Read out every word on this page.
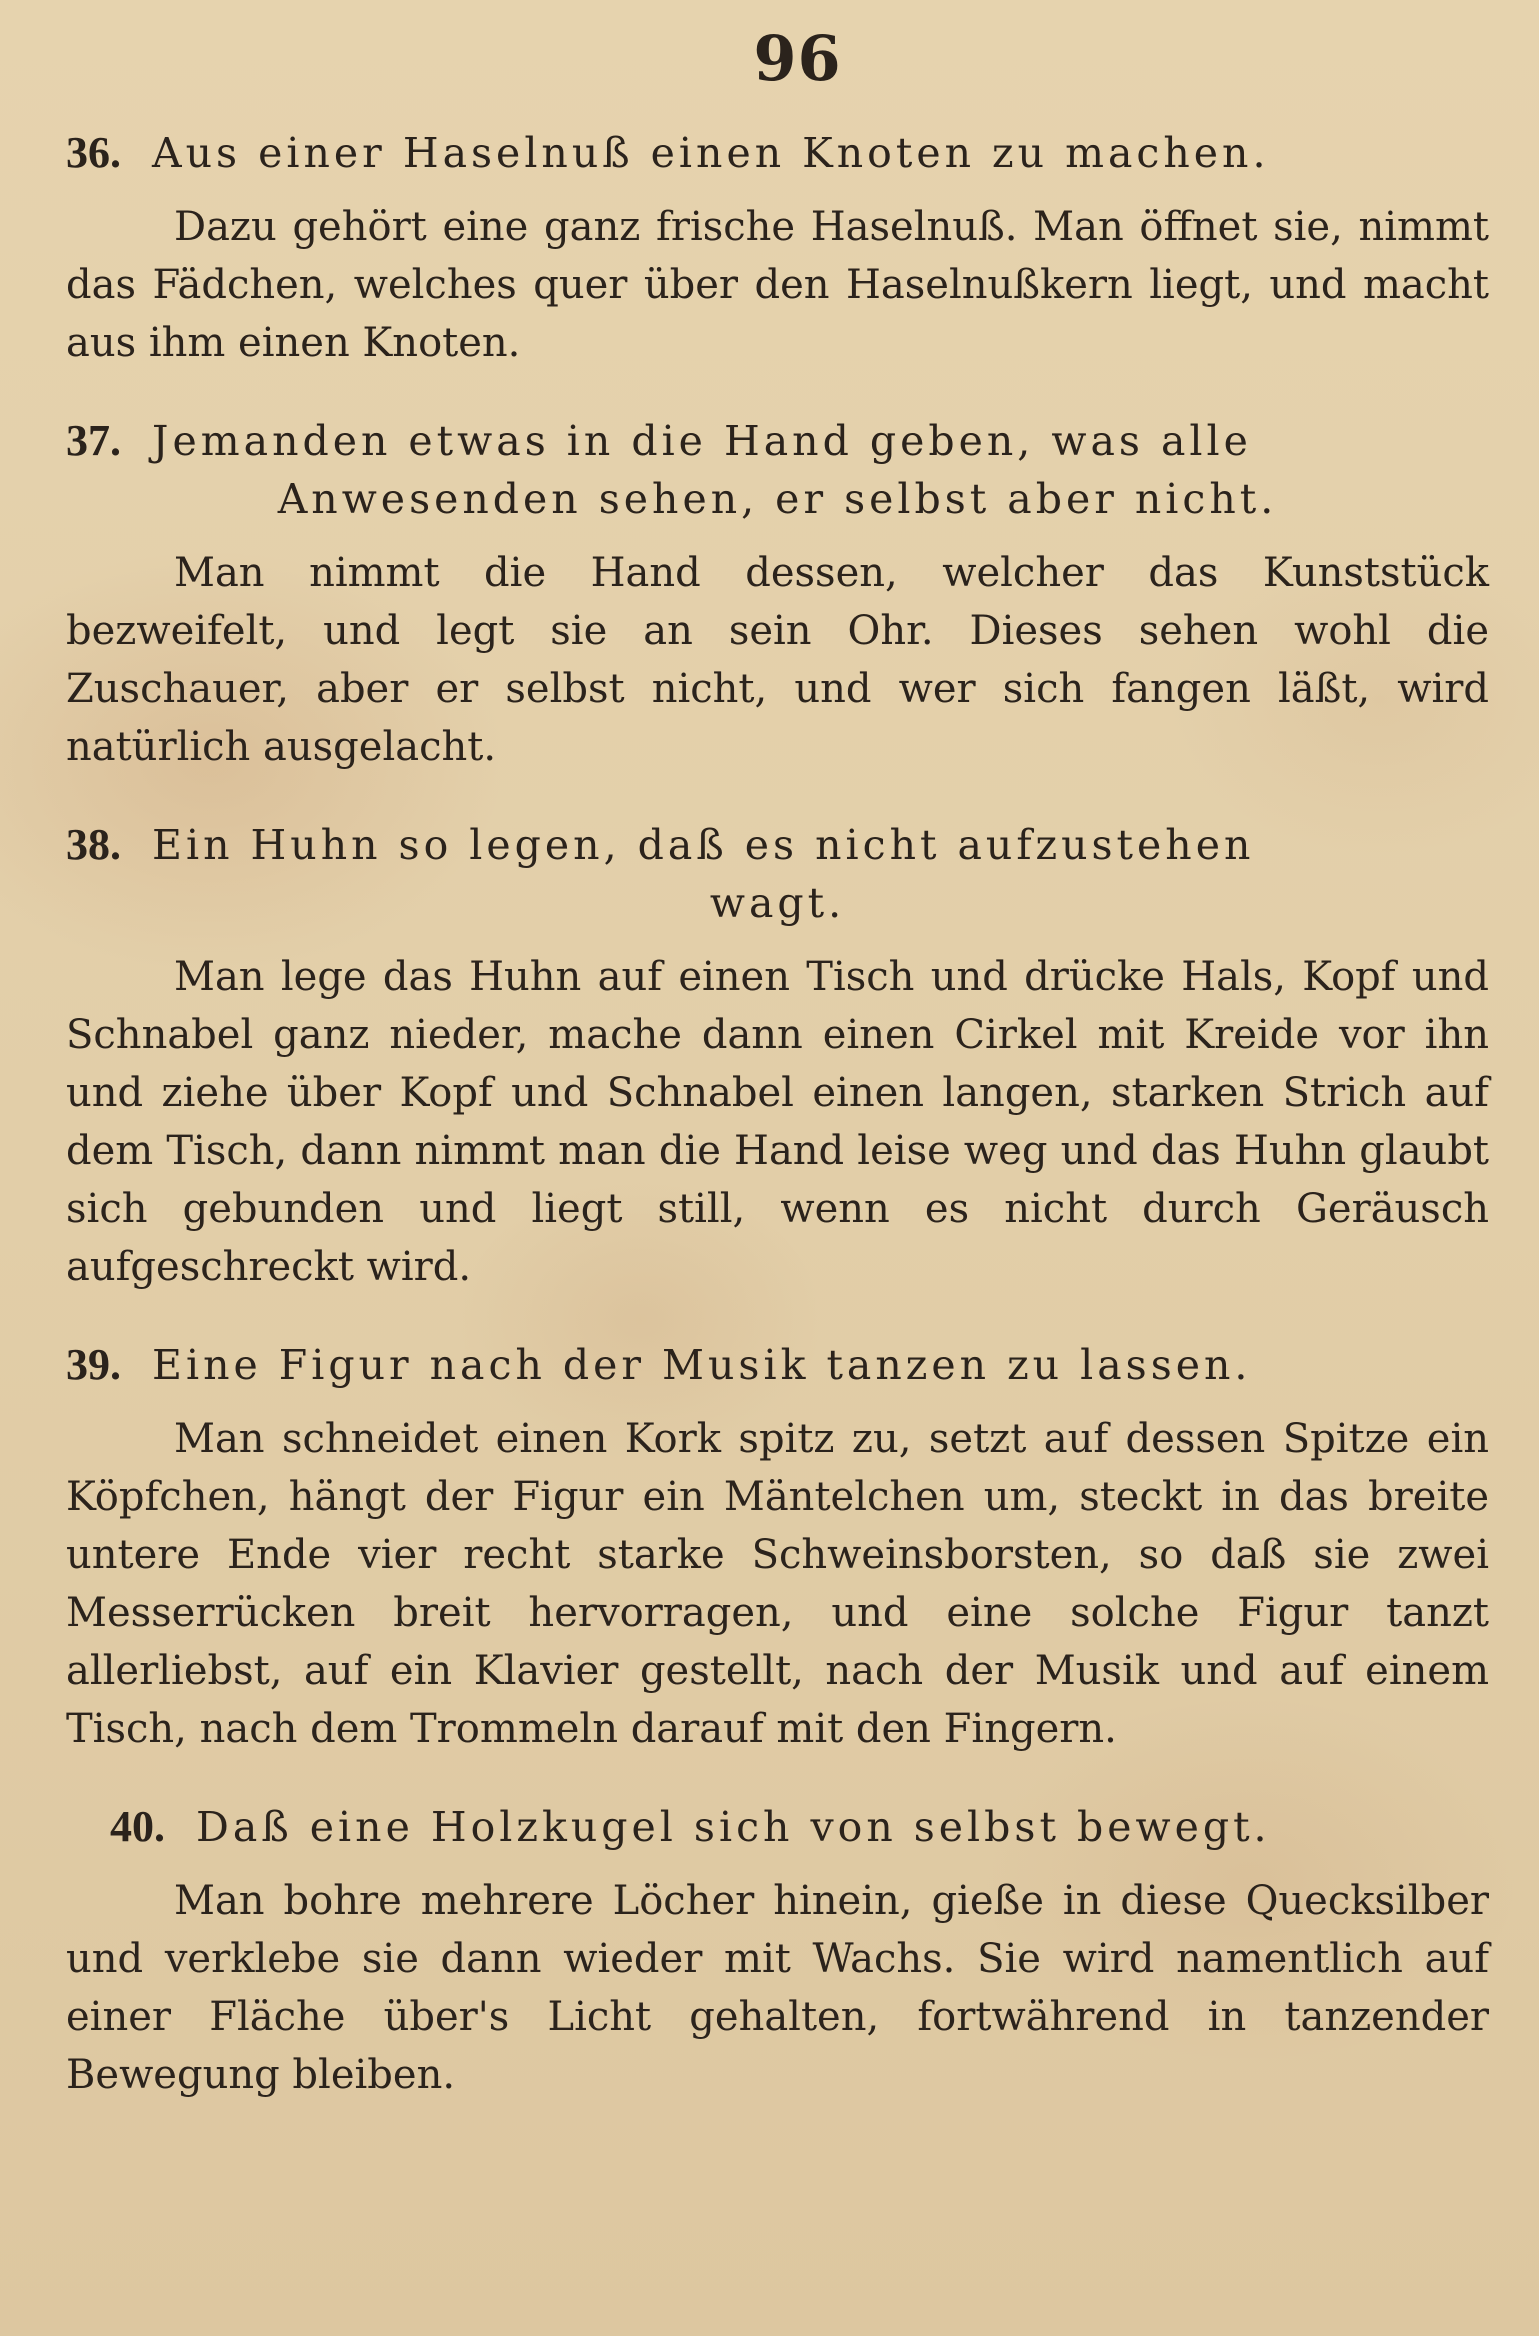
96
36. Aus einer Haselnuß einen Knoten zu machen.

Dazu gehört eine ganz frische Haselnuß. Man öffnet sie, nimmt das Fädchen, welches quer über den Haselnußkern liegt, und macht aus ihm einen Knoten.

37. Jemanden etwas in die Hand geben, was alle
Anwesenden sehen, er selbst aber nicht.

Man nimmt die Hand dessen, welcher das Kunststück bezweifelt, und legt sie an sein Ohr. Dieses sehen wohl die Zuschauer, aber er selbst nicht, und wer sich fangen läßt, wird natürlich ausgelacht.

38. Ein Huhn so legen, daß es nicht aufzustehen
wagt.

Man lege das Huhn auf einen Tisch und drücke Hals, Kopf und Schnabel ganz nieder, mache dann einen Cirkel mit Kreide vor ihn und ziehe über Kopf und Schnabel einen langen, starken Strich auf dem Tisch, dann nimmt man die Hand leise weg und das Huhn glaubt sich gebunden und liegt still, wenn es nicht durch Geräusch aufgeschreckt wird.

39. Eine Figur nach der Musik tanzen zu lassen.

Man schneidet einen Kork spitz zu, setzt auf dessen Spitze ein Köpfchen, hängt der Figur ein Mäntelchen um, steckt in das breite untere Ende vier recht starke Schweinsborsten, so daß sie zwei Messerrücken breit hervorragen, und eine solche Figur tanzt allerliebst, auf ein Klavier gestellt, nach der Musik und auf einem Tisch, nach dem Trommeln darauf mit den Fingern.

40. Daß eine Holzkugel sich von selbst bewegt.

Man bohre mehrere Löcher hinein, gieße in diese Quecksilber und verklebe sie dann wieder mit Wachs. Sie wird namentlich auf einer Fläche über's Licht gehalten, fortwährend in tanzender Bewegung bleiben.
